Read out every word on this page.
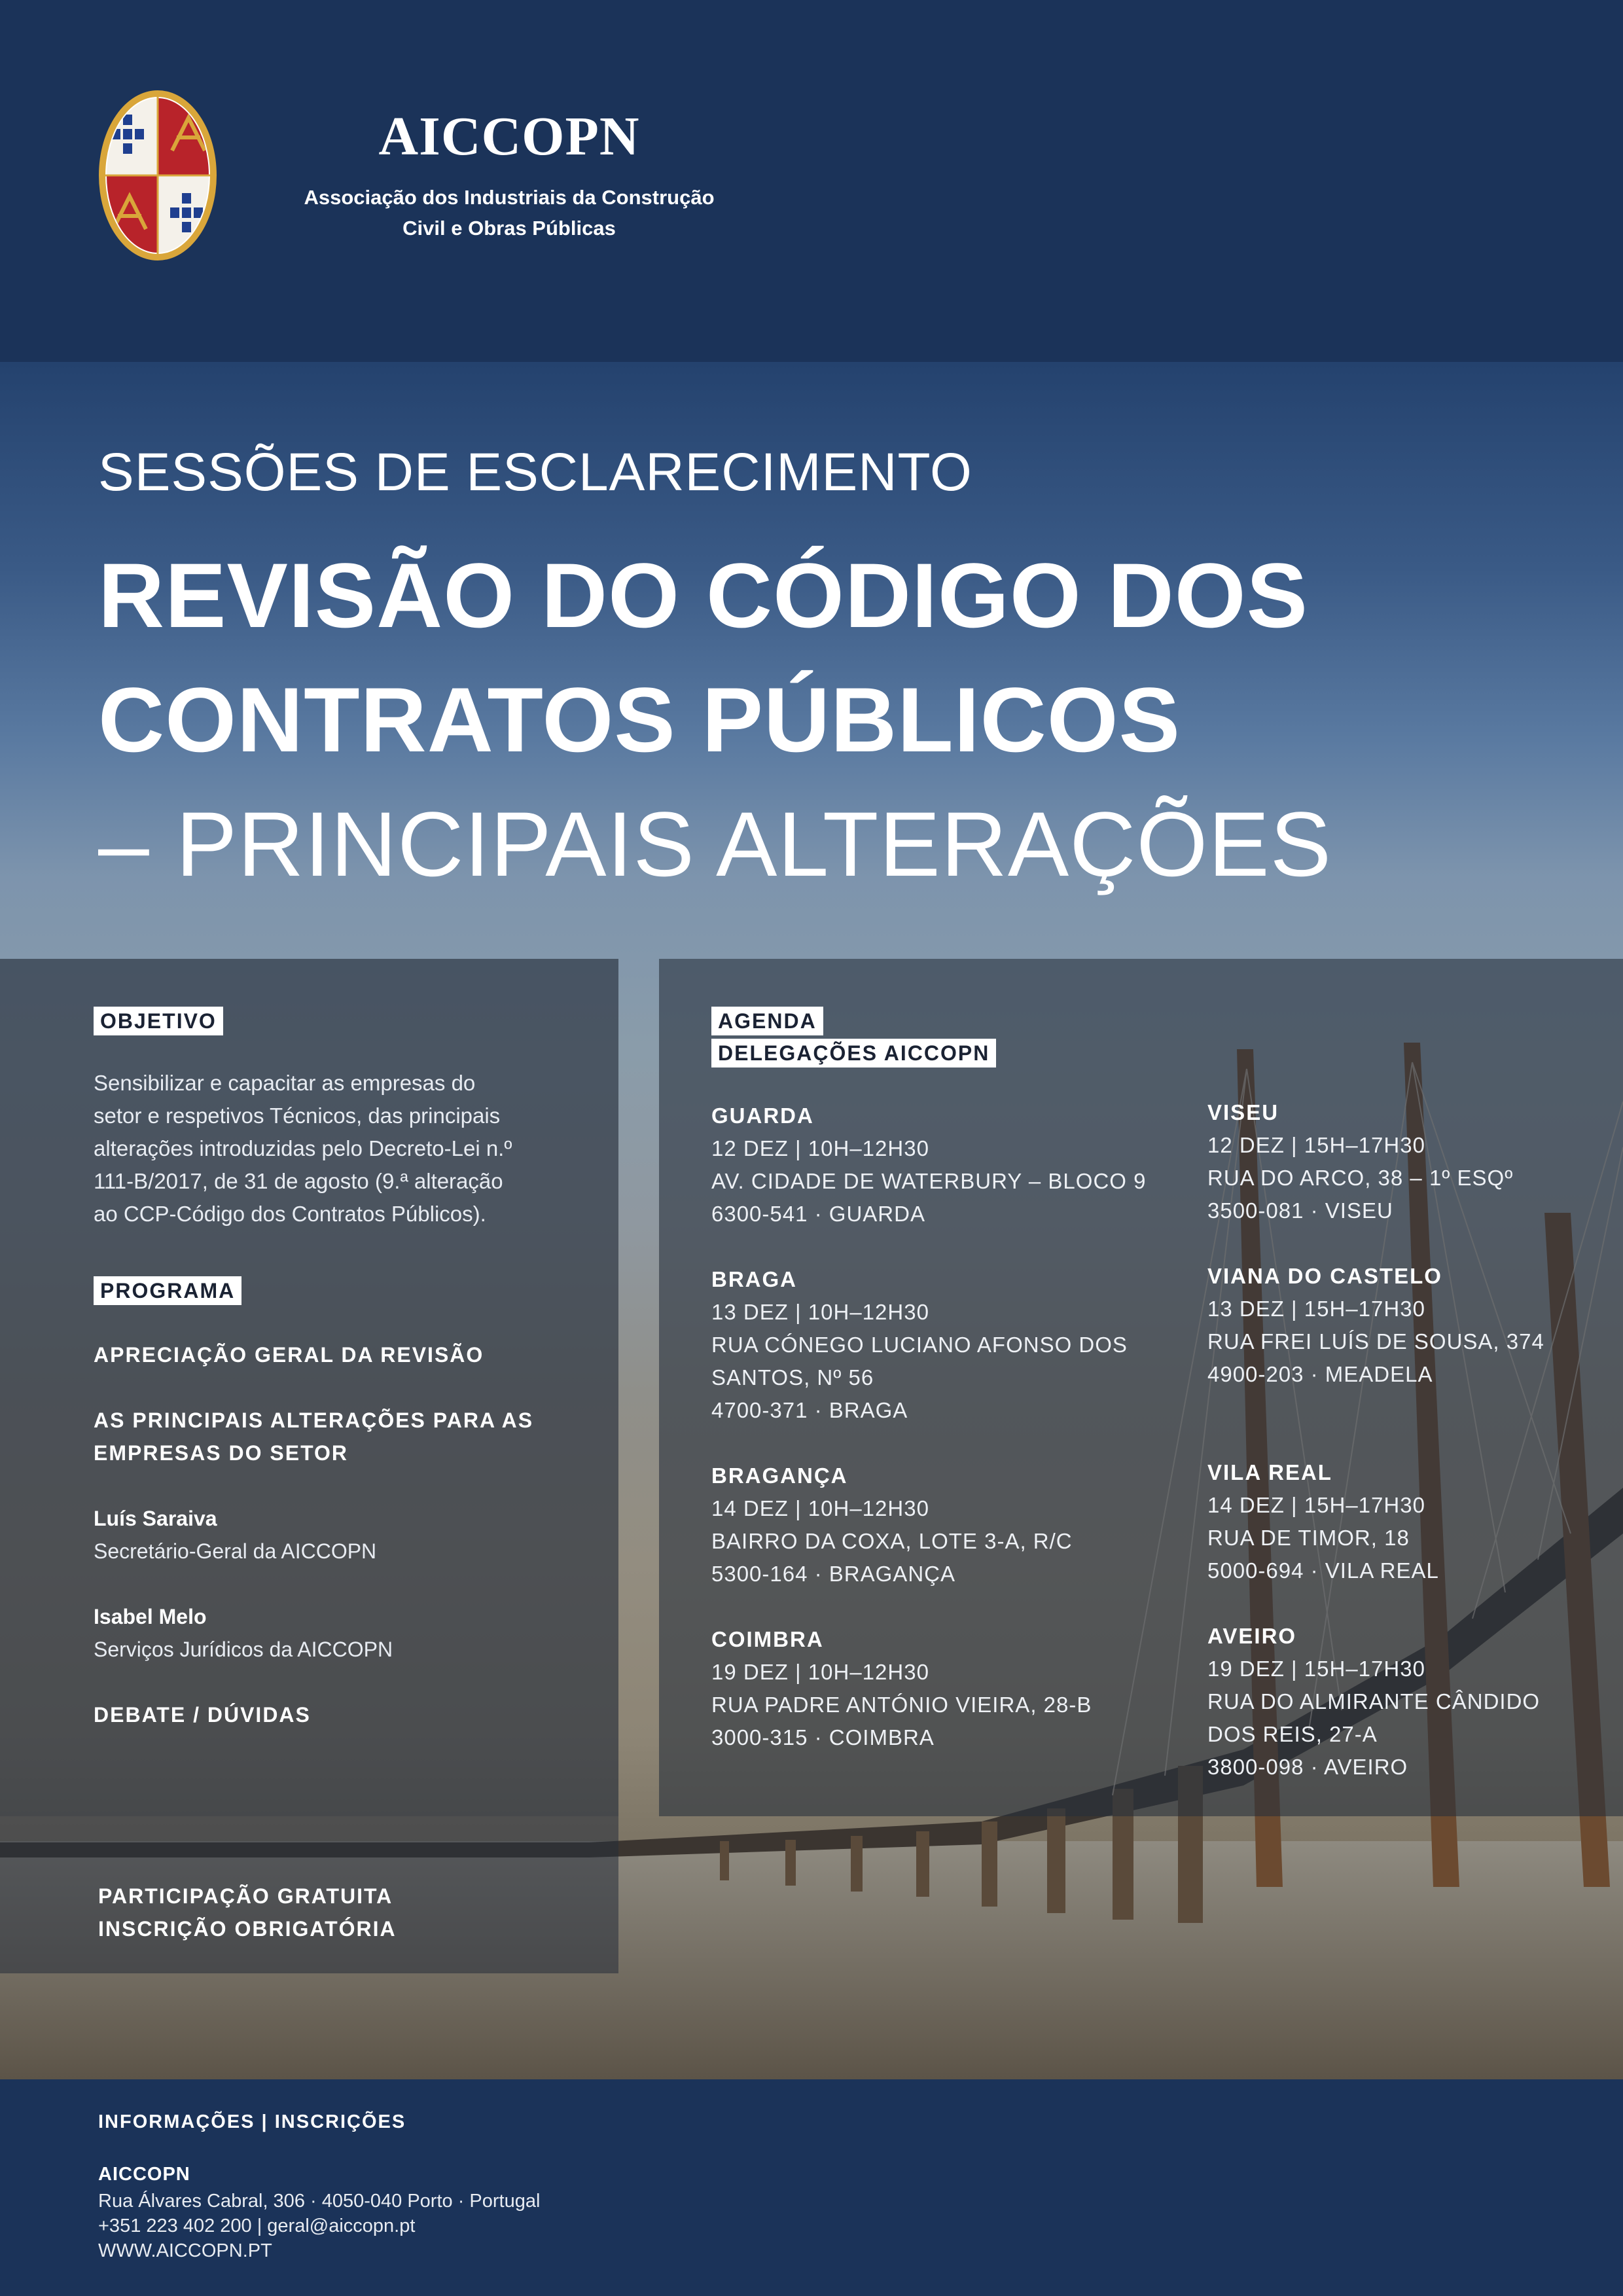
AICCOPN
Associação dos Industriais da Construção
Civil e Obras Públicas
SESSÕES DE ESCLARECIMENTO
REVISÃO DO CÓDIGO DOS
CONTRATOS PÚBLICOS
– PRINCIPAIS ALTERAÇÕES
OBJETIVO
Sensibilizar e capacitar as empresas do
setor e respetivos Técnicos, das principais
alterações introduzidas pelo Decreto-Lei n.º
111-B/2017, de 31 de agosto (9.ª alteração
ao CCP-Código dos Contratos Públicos).
PROGRAMA
APRECIAÇÃO GERAL DA REVISÃO
AS PRINCIPAIS ALTERAÇÕES PARA AS
EMPRESAS DO SETOR
Luís Saraiva
Secretário-Geral da AICCOPN
Isabel Melo
Serviços Jurídicos da AICCOPN
DEBATE / DÚVIDAS
PARTICIPAÇÃO GRATUITA
INSCRIÇÃO OBRIGATÓRIA
AGENDA
DELEGAÇÕES AICCOPN
GUARDA
12 DEZ | 10H–12H30
AV. CIDADE DE WATERBURY – BLOCO 9
6300-541 · GUARDA
BRAGA
13 DEZ | 10H–12H30
RUA CÓNEGO LUCIANO AFONSO DOS
SANTOS, Nº 56
4700-371 · BRAGA
BRAGANÇA
14 DEZ | 10H–12H30
BAIRRO DA COXA, LOTE 3-A, R/C
5300-164 · BRAGANÇA
COIMBRA
19 DEZ | 10H–12H30
RUA PADRE ANTÓNIO VIEIRA, 28-B
3000-315 · COIMBRA
VISEU
12 DEZ | 15H–17H30
RUA DO ARCO, 38 – 1º ESQº
3500-081 · VISEU
VIANA DO CASTELO
13 DEZ | 15H–17H30
RUA FREI LUÍS DE SOUSA, 374
4900-203 · MEADELA
VILA REAL
14 DEZ | 15H–17H30
RUA DE TIMOR, 18
5000-694 · VILA REAL
AVEIRO
19 DEZ | 15H–17H30
RUA DO ALMIRANTE CÂNDIDO
DOS REIS, 27-A
3800-098 · AVEIRO
INFORMAÇÕES | INSCRIÇÕES
AICCOPN
Rua Álvares Cabral, 306 · 4050-040 Porto · Portugal
+351 223 402 200 | geral@aiccopn.pt
WWW.AICCOPN.PT
